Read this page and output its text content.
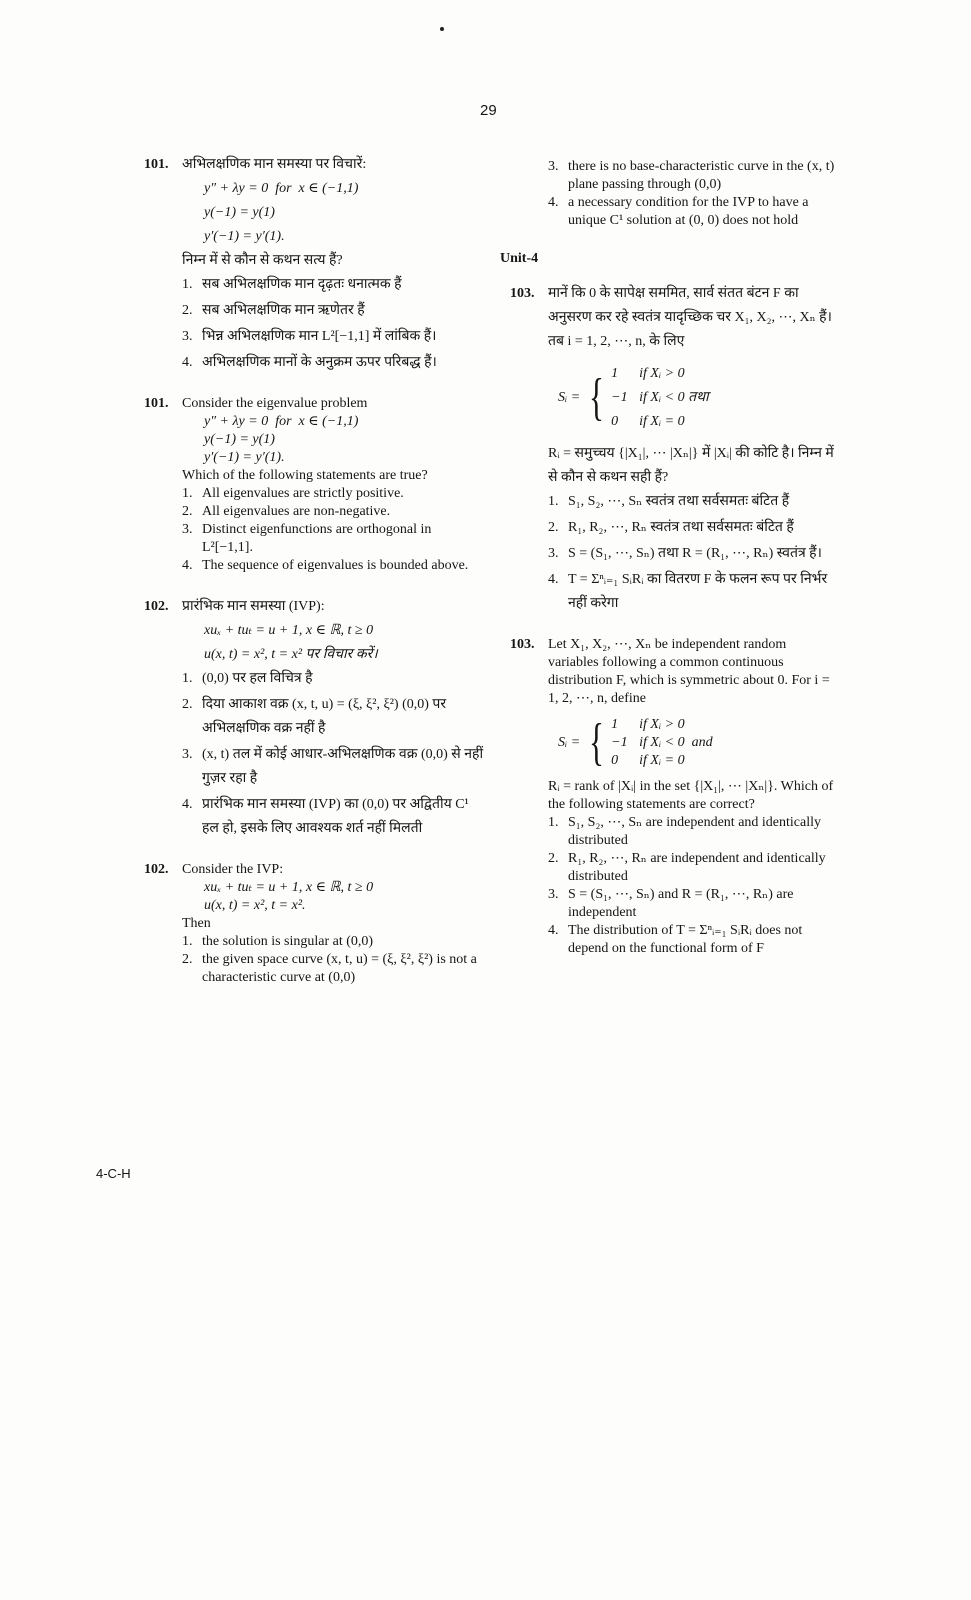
29
101. अभिलक्षणिक मान समस्या पर विचारें:
y″ + λy = 0  for  x ∈ (−1,1)
y(−1) = y(1)
y′(−1) = y′(1).
निम्न में से कौन से कथन सत्य हैं?
1. सब अभिलक्षणिक मान दृढ़तः धनात्मक हैं
2. सब अभिलक्षणिक मान ऋणेतर हैं
3. भिन्न अभिलक्षणिक मान L²[−1,1] में लांबिक हैं।
4. अभिलक्षणिक मानों के अनुक्रम ऊपर परिबद्ध हैं।
101. Consider the eigenvalue problem
y″ + λy = 0  for  x ∈ (−1,1)
y(−1) = y(1)
y′(−1) = y′(1).
Which of the following statements are true?
1. All eigenvalues are strictly positive.
2. All eigenvalues are non-negative.
3. Distinct eigenfunctions are orthogonal in L²[−1,1].
4. The sequence of eigenvalues is bounded above.
102. प्रारंभिक मान समस्या (IVP):
xuₓ + tuₜ = u + 1, x ∈ ℝ, t ≥ 0
u(x, t) = x², t = x² पर विचार करें।
1. (0,0) पर हल विचित्र है
2. दिया आकाश वक्र (x, t, u) = (ξ, ξ², ξ²) (0,0) पर अभिलक्षणिक वक्र नहीं है
3. (x, t) तल में कोई आधार-अभिलक्षणिक वक्र (0,0) से नहीं गुज़र रहा है
4. प्रारंभिक मान समस्या (IVP) का (0,0) पर अद्वितीय C¹ हल हो, इसके लिए आवश्यक शर्त नहीं मिलती
102. Consider the IVP:
xuₓ + tuₜ = u + 1, x ∈ ℝ, t ≥ 0
u(x, t) = x², t = x².
Then
1. the solution is singular at (0,0)
2. the given space curve (x, t, u) = (ξ, ξ², ξ²) is not a characteristic curve at (0,0)
3. there is no base-characteristic curve in the (x, t) plane passing through (0,0)
4. a necessary condition for the IVP to have a unique C¹ solution at (0, 0) does not hold
Unit-4
103. मानें कि 0 के सापेक्ष सममित, सार्व संतत बंटन F का अनुसरण कर रहे स्वतंत्र यादृच्छिक चर X₁, X₂, ⋯, Xₙ हैं। तब i = 1, 2, ⋯, n, के लिए
Sᵢ = { 1	if Xᵢ > 0
−1 if Xᵢ < 0 तथा
0	if Xᵢ = 0
Rᵢ = समुच्चय {|X₁|, ⋯ |Xₙ|} में |Xᵢ| की कोटि है। निम्न में से कौन से कथन सही हैं?
1. S₁, S₂, ⋯, Sₙ स्वतंत्र तथा सर्वसमतः बंटित हैं
2. R₁, R₂, ⋯, Rₙ स्वतंत्र तथा सर्वसमतः बंटित हैं
3. S = (S₁, ⋯, Sₙ) तथा R = (R₁, ⋯, Rₙ) स्वतंत्र हैं।
4. T = Σⁿᵢ₌₁ SᵢRᵢ का वितरण F के फलन रूप पर निर्भर नहीं करेगा
103. Let X₁, X₂, ⋯, Xₙ be independent random variables following a common continuous distribution F, which is symmetric about 0. For i = 1, 2, ⋯, n, define
Sᵢ = { 1	if Xᵢ > 0
−1 if Xᵢ < 0  and
0	if Xᵢ = 0
Rᵢ = rank of |Xᵢ| in the set {|X₁|, ⋯ |Xₙ|}. Which of the following statements are correct?
1. S₁, S₂, ⋯, Sₙ are independent and identically distributed
2. R₁, R₂, ⋯, Rₙ are independent and identically distributed
3. S = (S₁, ⋯, Sₙ) and R = (R₁, ⋯, Rₙ) are independent
4. The distribution of T = Σⁿᵢ₌₁ SᵢRᵢ does not depend on the functional form of F
4-C-H
